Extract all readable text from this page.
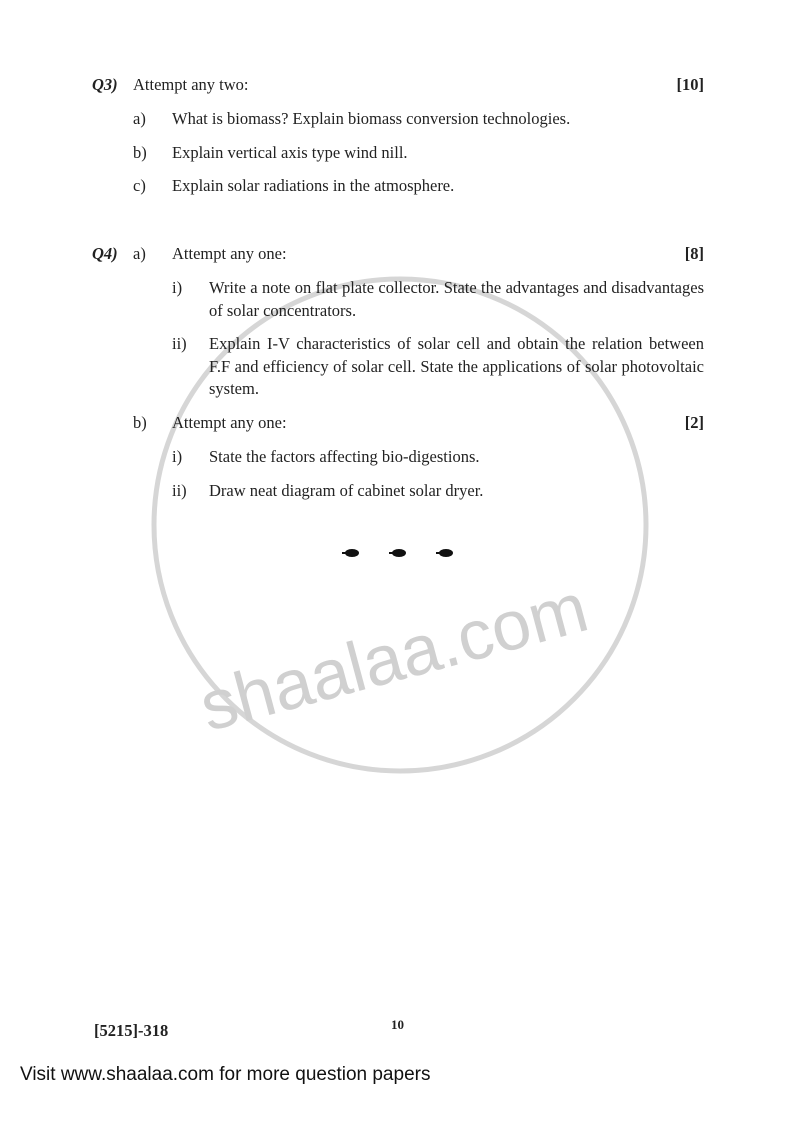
shaalaa.com
Q3) Attempt any two:	[10]
a) What is biomass? Explain biomass conversion technologies.
b) Explain vertical axis type wind nill.
c) Explain solar radiations in the atmosphere.
Q4) a) Attempt any one:	[8]
i) Write a note on flat plate collector. State the advantages and disadvantages of solar concentrators.
ii) Explain I-V characteristics of solar cell and obtain the relation between F.F and efficiency of solar cell. State the applications of solar photovoltaic system.
b) Attempt any one:	[2]
i) State the factors affecting bio-digestions.
ii) Draw neat diagram of cabinet solar dryer.
[5215]-318	10
Visit www.shaalaa.com for more question papers
